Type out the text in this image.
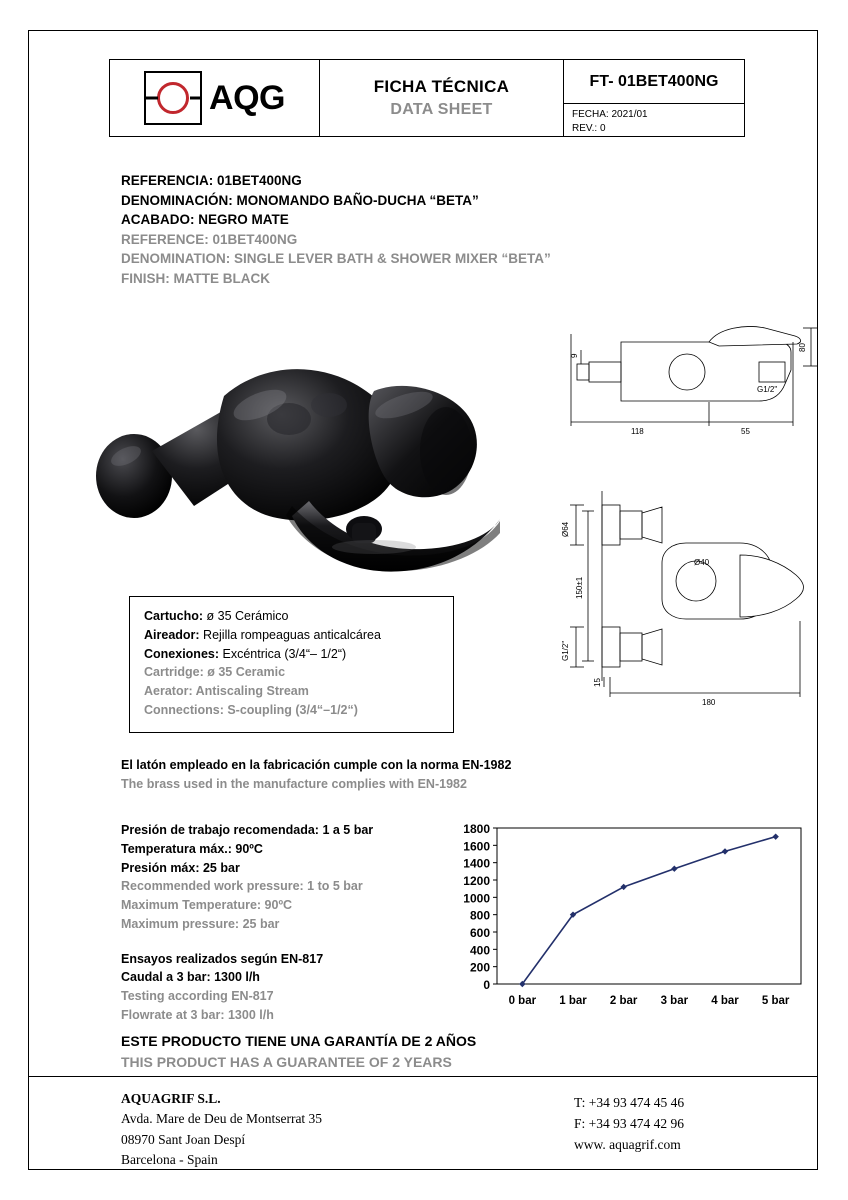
AQG	FICHA TÉCNICA
DATA SHEET
FT- 01BET400NG
FECHA: 2021/01
REV.: 0
REFERENCIA: 01BET400NG
DENOMINACIÓN: MONOMANDO BAÑO-DUCHA “BETA”
ACABADO: NEGRO MATE
REFERENCE: 01BET400NG
DENOMINATION: SINGLE LEVER BATH & SHOWER MIXER “BETA”
FINISH: MATTE BLACK
80
9
118	55
G1/2"
Ø64
150±1
G1/2"
Ø40
15
180
Cartucho: ø 35 Cerámico
Aireador: Rejilla rompeaguas anticalcárea
Conexiones: Excéntrica (3/4“– 1/2“)
Cartridge: ø 35 Ceramic
Aerator: Antiscaling Stream
Connections: S-coupling (3/4“–1/2“)
El latón empleado en la fabricación cumple con la norma EN-1982
The brass used in the manufacture complies with EN-1982
Presión de trabajo recomendada: 1 a 5 bar
Temperatura máx.: 90ºC
Presión máx: 25 bar
Recommended work pressure: 1 to 5 bar
Maximum Temperature: 90ºC
Maximum pressure: 25 bar
Ensayos realizados según EN-817
Caudal a 3 bar: 1300 l/h
Testing according EN-817
Flowrate at 3 bar: 1300 l/h
0
200
400
600
800
1000
1200
1400
1600
1800
0 bar 1 bar 2 bar 3 bar 4 bar 5 bar
ESTE PRODUCTO TIENE UNA GARANTÍA DE 2 AÑOS
THIS PRODUCT HAS A GUARANTEE OF 2 YEARS
AQUAGRIF S.L.
Avda. Mare de Deu de Montserrat 35
08970 Sant Joan Despí
Barcelona - Spain
T: +34 93 474 45 46
F: +34 93 474 42 96
www. aquagrif.com
